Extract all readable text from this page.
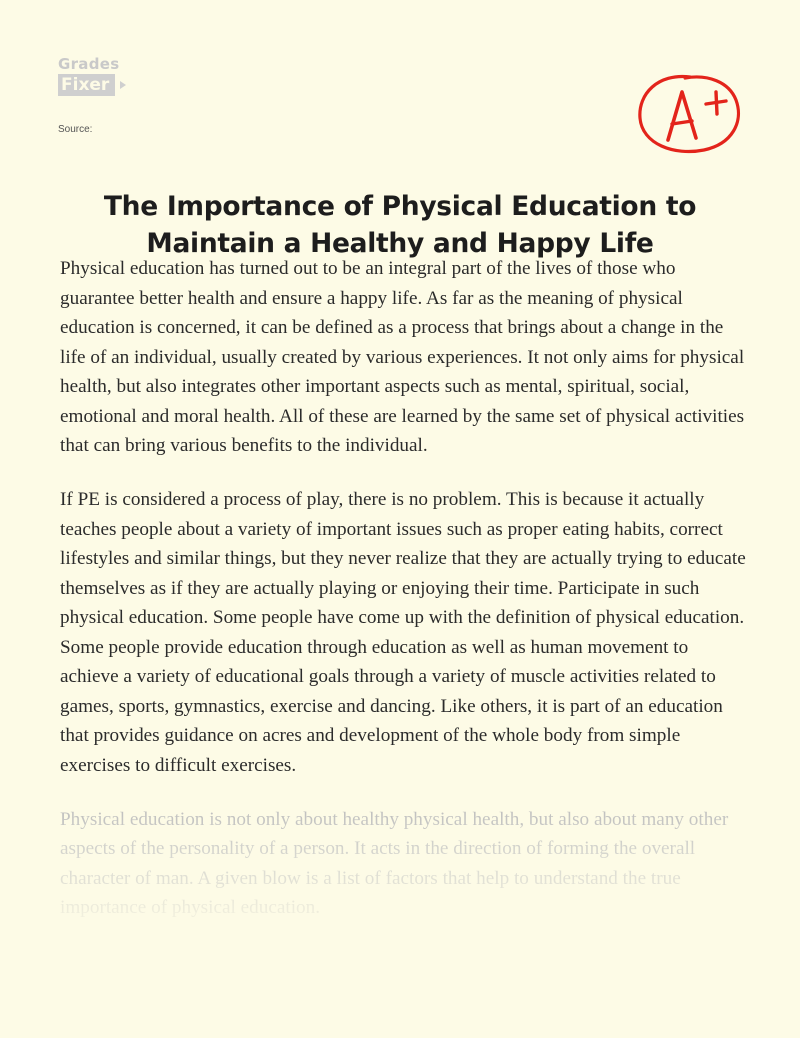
Grades
Fixer
Source:
A+
The Importance of Physical Education to Maintain a Healthy and Happy Life

Physical education has turned out to be an integral part of the lives of those who guarantee better health and ensure a happy life. As far as the meaning of physical education is concerned, it can be defined as a process that brings about a change in the life of an individual, usually created by various experiences. It not only aims for physical health, but also integrates other important aspects such as mental, spiritual, social, emotional and moral health. All of these are learned by the same set of physical activities that can bring various benefits to the individual.

If PE is considered a process of play, there is no problem. This is because it actually teaches people about a variety of important issues such as proper eating habits, correct lifestyles and similar things, but they never realize that they are actually trying to educate themselves as if they are actually playing or enjoying their time. Participate in such physical education. Some people have come up with the definition of physical education. Some people provide education through education as well as human movement to achieve a variety of educational goals through a variety of muscle activities related to games, sports, gymnastics, exercise and dancing. Like others, it is part of an education that provides guidance on acres and development of the whole body from simple exercises to difficult exercises.

Physical education is not only about healthy physical health, but also about many other aspects of the personality of a person. It acts in the direction of forming the overall character of man. A given blow is a list of factors that help to understand the true importance of physical education.
